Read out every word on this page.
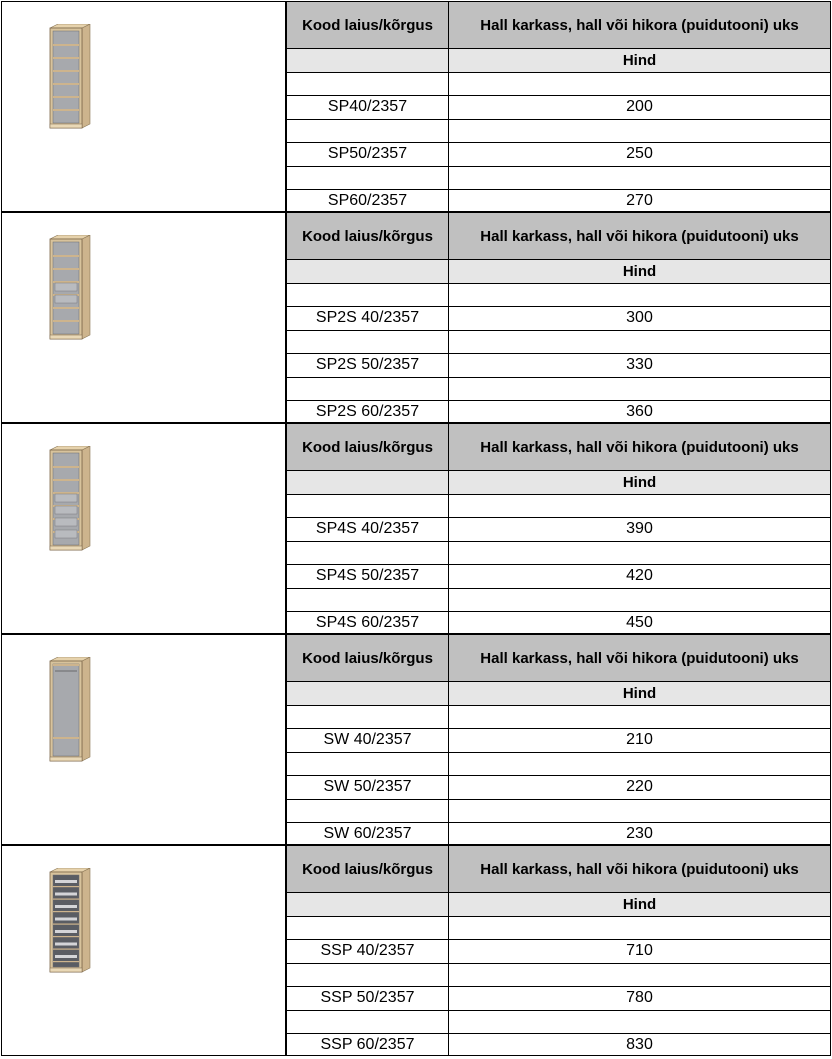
Kood laius/kõrgus	Hall karkass, hall või hikora (puidutooni) uks
Hind
SP40/2357	200
SP50/2357	250
SP60/2357	270
Kood laius/kõrgus	Hall karkass, hall või hikora (puidutooni) uks
Hind
SP2S 40/2357	300
SP2S 50/2357	330
SP2S 60/2357	360
Kood laius/kõrgus	Hall karkass, hall või hikora (puidutooni) uks
Hind
SP4S 40/2357	390
SP4S 50/2357	420
SP4S 60/2357	450
Kood laius/kõrgus	Hall karkass, hall või hikora (puidutooni) uks
Hind
SW 40/2357	210
SW 50/2357	220
SW 60/2357	230
Kood laius/kõrgus	Hall karkass, hall või hikora (puidutooni) uks
Hind
SSP 40/2357	710
SSP 50/2357	780
SSP 60/2357	830
